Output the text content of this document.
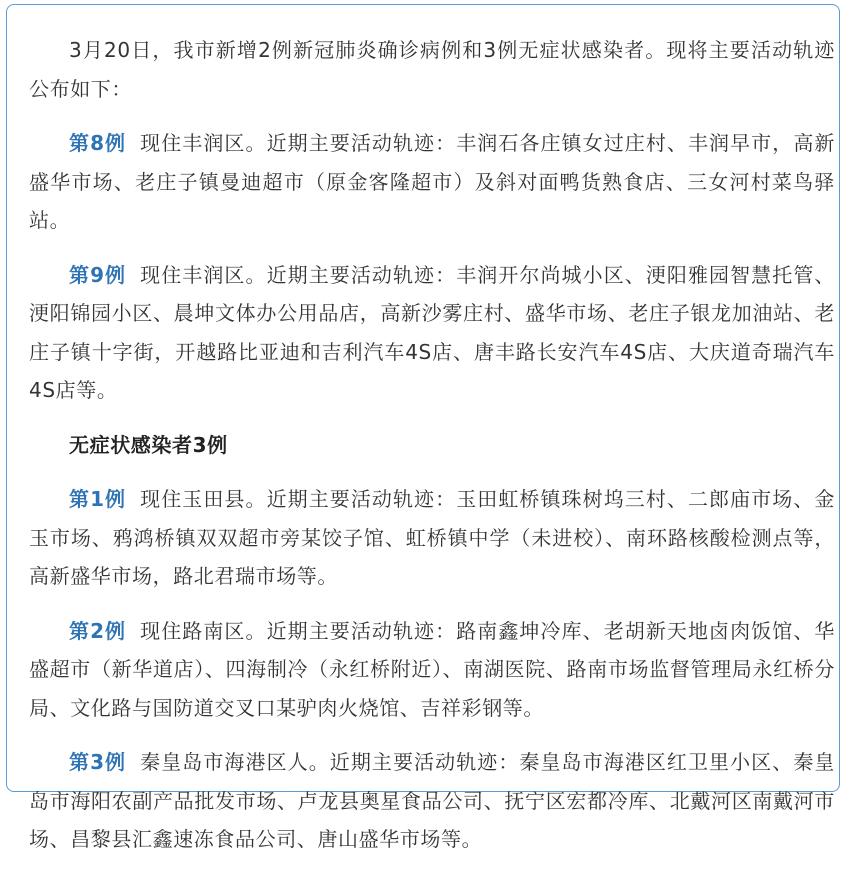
3月20日，我市新增2例新冠肺炎确诊病例和3例无症状感染者。现将主要活动轨迹公布如下：

第8例 现住丰润区。近期主要活动轨迹：丰润石各庄镇女过庄村、丰润早市，高新盛华市场、老庄子镇曼迪超市（原金客隆超市）及斜对面鸭货熟食店、三女河村菜鸟驿站。

第9例 现住丰润区。近期主要活动轨迹：丰润开尔尚城小区、浭阳雅园智慧托管、浭阳锦园小区、晨坤文体办公用品店，高新沙雾庄村、盛华市场、老庄子银龙加油站、老庄子镇十字街，开越路比亚迪和吉利汽车4S店、唐丰路长安汽车4S店、大庆道奇瑞汽车4S店等。

无症状感染者3例

第1例 现住玉田县。近期主要活动轨迹：玉田虹桥镇珠树坞三村、二郎庙市场、金玉市场、鸦鸿桥镇双双超市旁某饺子馆、虹桥镇中学（未进校）、南环路核酸检测点等，高新盛华市场，路北君瑞市场等。

第2例 现住路南区。近期主要活动轨迹：路南鑫坤冷库、老胡新天地卤肉饭馆、华盛超市（新华道店）、四海制冷（永红桥附近）、南湖医院、路南市场监督管理局永红桥分局、文化路与国防道交叉口某驴肉火烧馆、吉祥彩钢等。

第3例 秦皇岛市海港区人。近期主要活动轨迹：秦皇岛市海港区红卫里小区、秦皇岛市海阳农副产品批发市场、卢龙县奥星食品公司、抚宁区宏都冷库、北戴河区南戴河市场、昌黎县汇鑫速冻食品公司、唐山盛华市场等。
